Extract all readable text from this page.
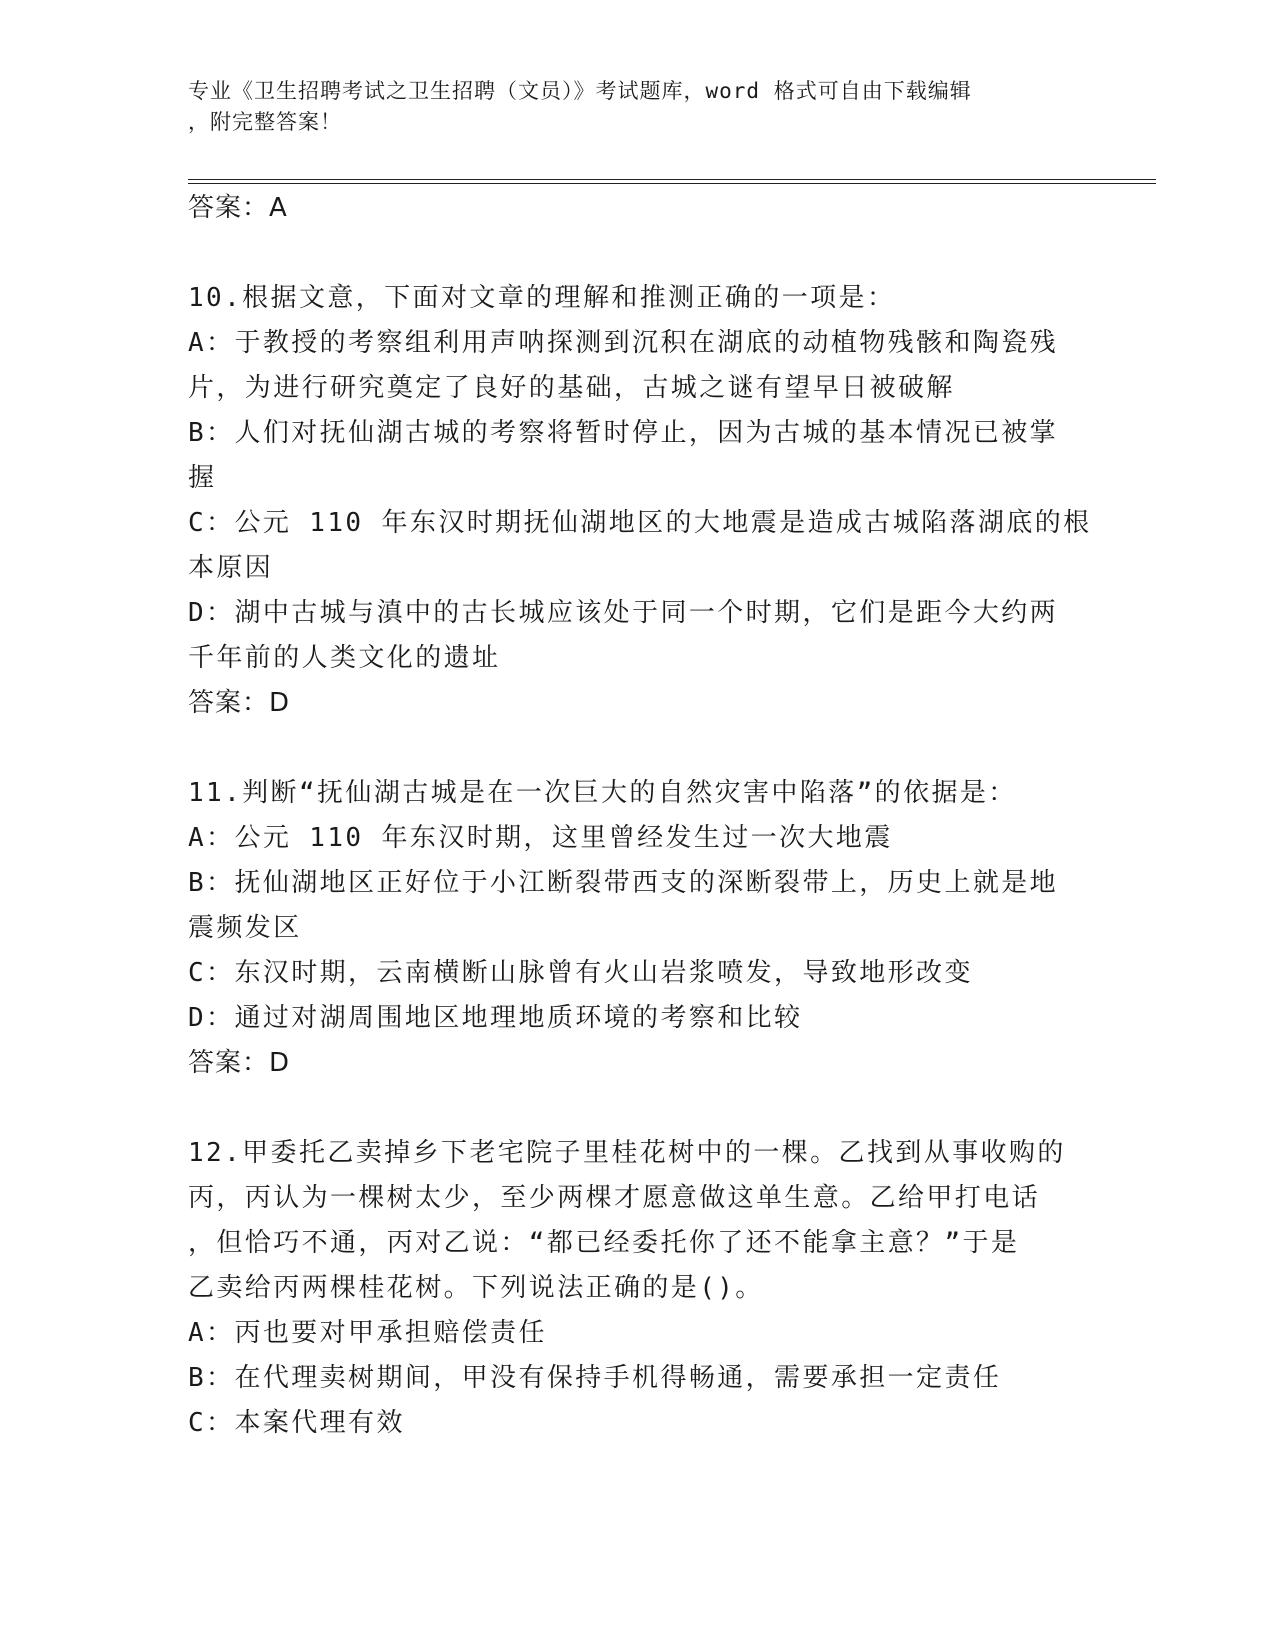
专业《卫生招聘考试之卫生招聘（文员）》考试题库，word 格式可自由下载编辑
，附完整答案！
答案：A
10.根据文意，下面对文章的理解和推测正确的一项是：
A：于教授的考察组利用声呐探测到沉积在湖底的动植物残骸和陶瓷残
片，为进行研究奠定了良好的基础，古城之谜有望早日被破解
B：人们对抚仙湖古城的考察将暂时停止，因为古城的基本情况已被掌
握
C：公元 110 年东汉时期抚仙湖地区的大地震是造成古城陷落湖底的根
本原因
D：湖中古城与滇中的古长城应该处于同一个时期，它们是距今大约两
千年前的人类文化的遗址
答案：D
11.判断“抚仙湖古城是在一次巨大的自然灾害中陷落”的依据是：
A：公元 110 年东汉时期，这里曾经发生过一次大地震
B：抚仙湖地区正好位于小江断裂带西支的深断裂带上，历史上就是地
震频发区
C：东汉时期，云南横断山脉曾有火山岩浆喷发，导致地形改变
D：通过对湖周围地区地理地质环境的考察和比较
答案：D
12.甲委托乙卖掉乡下老宅院子里桂花树中的一棵。乙找到从事收购的
丙，丙认为一棵树太少，至少两棵才愿意做这单生意。乙给甲打电话
，但恰巧不通，丙对乙说：“都已经委托你了还不能拿主意？”于是
乙卖给丙两棵桂花树。下列说法正确的是()。
A：丙也要对甲承担赔偿责任
B：在代理卖树期间，甲没有保持手机得畅通，需要承担一定责任
C：本案代理有效
